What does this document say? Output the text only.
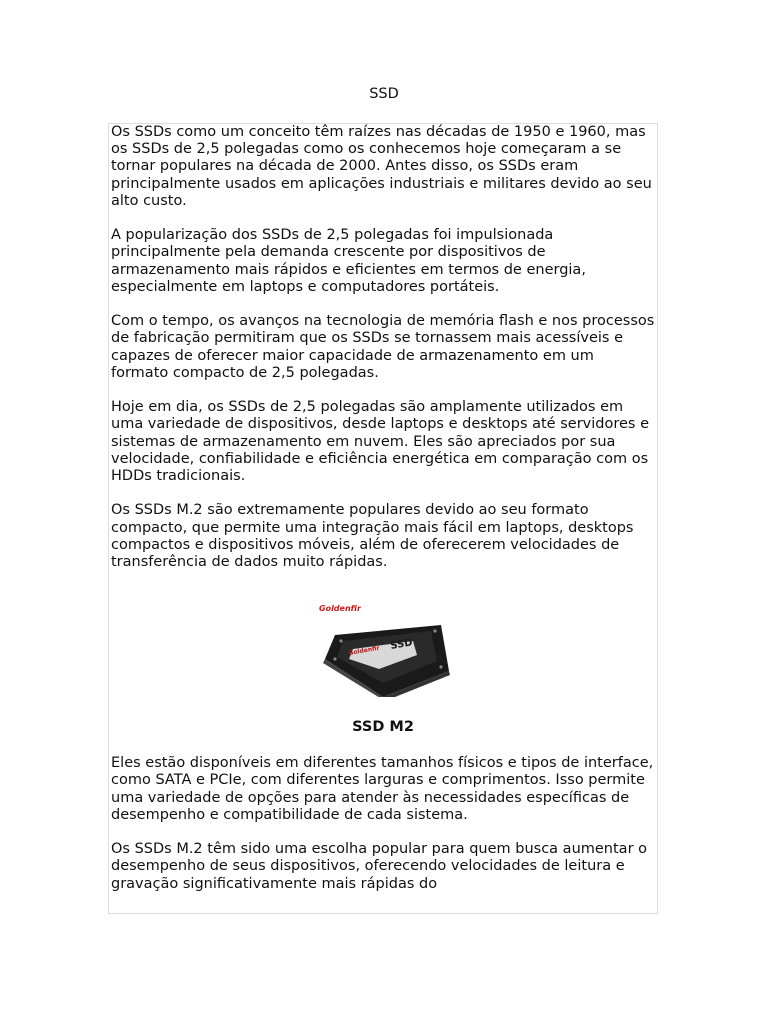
SSD

Os SSDs como um conceito têm raízes nas décadas de 1950 e 1960, mas os SSDs de 2,5 polegadas como os conhecemos hoje começaram a se tornar populares na década de 2000. Antes disso, os SSDs eram principalmente usados em aplicações industriais e militares devido ao seu alto custo.

A popularização dos SSDs de 2,5 polegadas foi impulsionada principalmente pela demanda crescente por dispositivos de armazenamento mais rápidos e eficientes em termos de energia, especialmente em laptops e computadores portáteis.

Com o tempo, os avanços na tecnologia de memória flash e nos processos de fabricação permitiram que os SSDs se tornassem mais acessíveis e capazes de oferecer maior capacidade de armazenamento em um formato compacto de 2,5 polegadas.

Hoje em dia, os SSDs de 2,5 polegadas são amplamente utilizados em uma variedade de dispositivos, desde laptops e desktops até servidores e sistemas de armazenamento em nuvem. Eles são apreciados por sua velocidade, confiabilidade e eficiência energética em comparação com os HDDs tradicionais.

Os SSDs M.2 são extremamente populares devido ao seu formato compacto, que permite uma integração mais fácil em laptops, desktops compactos e dispositivos móveis, além de oferecerem velocidades de transferência de dados muito rápidas.

Goldenfir
Goldenfir SSD

SSD M2

Eles estão disponíveis em diferentes tamanhos físicos e tipos de interface, como SATA e PCIe, com diferentes larguras e comprimentos. Isso permite uma variedade de opções para atender às necessidades específicas de desempenho e compatibilidade de cada sistema.

Os SSDs M.2 têm sido uma escolha popular para quem busca aumentar o desempenho de seus dispositivos, oferecendo velocidades de leitura e gravação significativamente mais rápidas do
